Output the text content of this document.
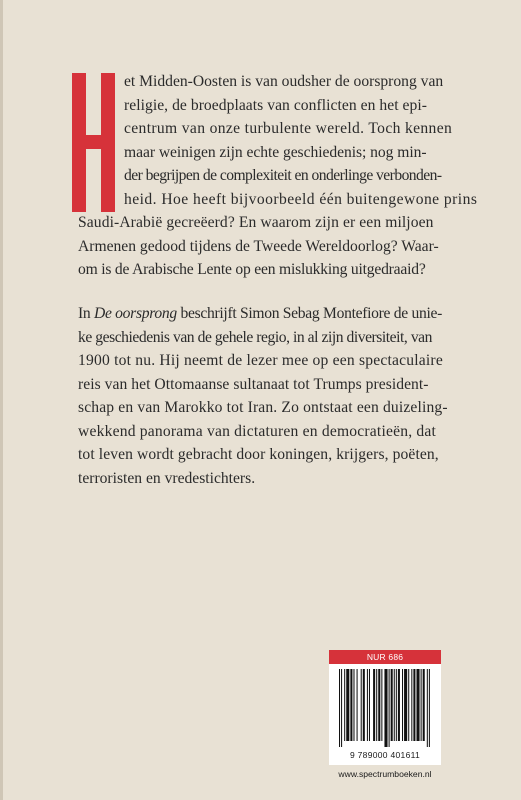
et Midden-Oosten is van oudsher de oorsprong van
religie, de broedplaats van conflicten en het epi-
centrum van onze turbulente wereld. Toch kennen
maar weinigen zijn echte geschiedenis; nog min-
der begrijpen de complexiteit en onderlinge verbonden-
heid. Hoe heeft bijvoorbeeld één buitengewone prins
Saudi-Arabië gecreëerd? En waarom zijn er een miljoen
Armenen gedood tijdens de Tweede Wereldoorlog? Waar-
om is de Arabische Lente op een mislukking uitgedraaid?
In De oorsprong beschrijft Simon Sebag Montefiore de unie-
ke geschiedenis van de gehele regio, in al zijn diversiteit, van
1900 tot nu. Hij neemt de lezer mee op een spectaculaire
reis van het Ottomaanse sultanaat tot Trumps president-
schap en van Marokko tot Iran. Zo ontstaat een duizeling-
wekkend panorama van dictaturen en democratieën, dat
tot leven wordt gebracht door koningen, krijgers, poëten,
terroristen en vredestichters.
NUR 686
9 789000 401611
www.spectrumboeken.nl
